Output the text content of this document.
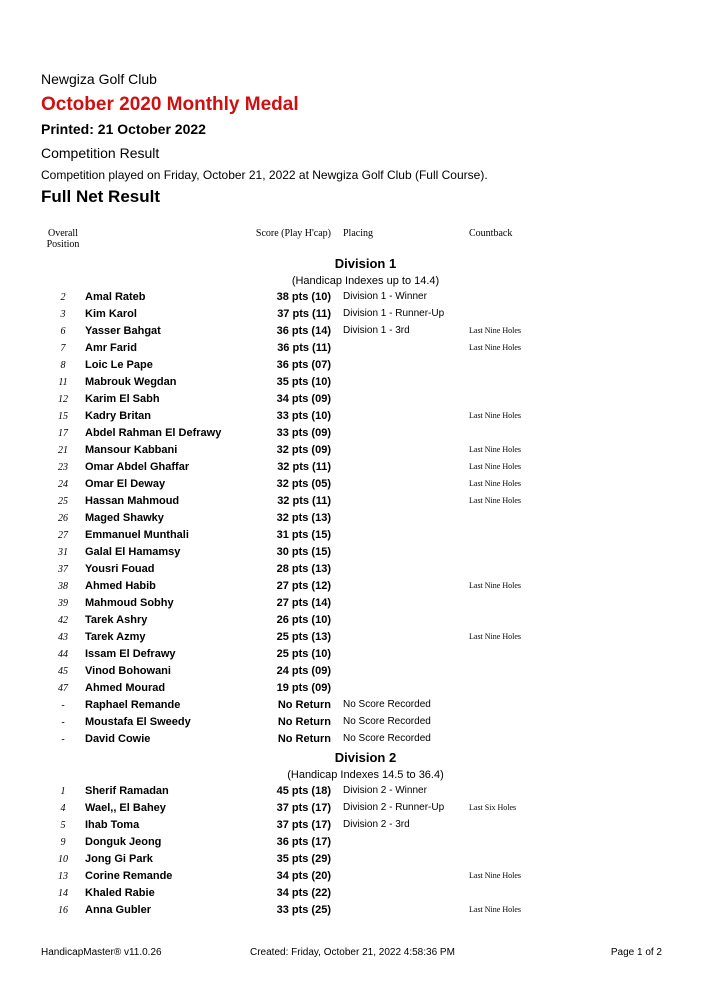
Newgiza Golf Club
October 2020 Monthly Medal
Printed: 21 October 2022
Competition Result
Competition played on Friday, October 21, 2022 at Newgiza Golf Club (Full Course).
Full Net Result
Overall
Position
Score (Play H'cap) Placing	Countback
Division 1
(Handicap Indexes up to 14.4)
2	Amal Rateb	38 pts (10) Division 1 - Winner
3	Kim Karol	37 pts (11) Division 1 - Runner-Up
6	Yasser Bahgat	36 pts (14) Division 1 - 3rd	Last Nine Holes
7	Amr Farid	36 pts (11)	Last Nine Holes
8	Loic Le Pape	36 pts (07)
11	Mabrouk Wegdan	35 pts (10)
12	Karim El Sabh	34 pts (09)
15	Kadry Britan	33 pts (10)	Last Nine Holes
17	Abdel Rahman El Defrawy	33 pts (09)
21	Mansour Kabbani	32 pts (09)	Last Nine Holes
23	Omar Abdel Ghaffar	32 pts (11)	Last Nine Holes
24	Omar El Deway	32 pts (05)	Last Nine Holes
25	Hassan Mahmoud	32 pts (11)	Last Nine Holes
26	Maged Shawky	32 pts (13)
27	Emmanuel Munthali	31 pts (15)
31	Galal El Hamamsy	30 pts (15)
37	Yousri Fouad	28 pts (13)
38	Ahmed Habib	27 pts (12)	Last Nine Holes
39	Mahmoud Sobhy	27 pts (14)
42	Tarek Ashry	26 pts (10)
43	Tarek Azmy	25 pts (13)	Last Nine Holes
44	Issam El Defrawy	25 pts (10)
45	Vinod Bohowani	24 pts (09)
47	Ahmed Mourad	19 pts (09)
-	Raphael Remande	No Return No Score Recorded
-	Moustafa El Sweedy	No Return No Score Recorded
-	David Cowie	No Return No Score Recorded
Division 2
(Handicap Indexes 14.5 to 36.4)
1	Sherif Ramadan	45 pts (18) Division 2 - Winner
4	Wael,, El Bahey	37 pts (17) Division 2 - Runner-Up	Last Six Holes
5	Ihab Toma	37 pts (17) Division 2 - 3rd
9	Donguk Jeong	36 pts (17)
10	Jong Gi Park	35 pts (29)
13	Corine Remande	34 pts (20)	Last Nine Holes
14	Khaled Rabie	34 pts (22)
16	Anna Gubler	33 pts (25)	Last Nine Holes
HandicapMaster® v11.0.26	Created: Friday, October 21, 2022 4:58:36 PM	Page 1 of 2
